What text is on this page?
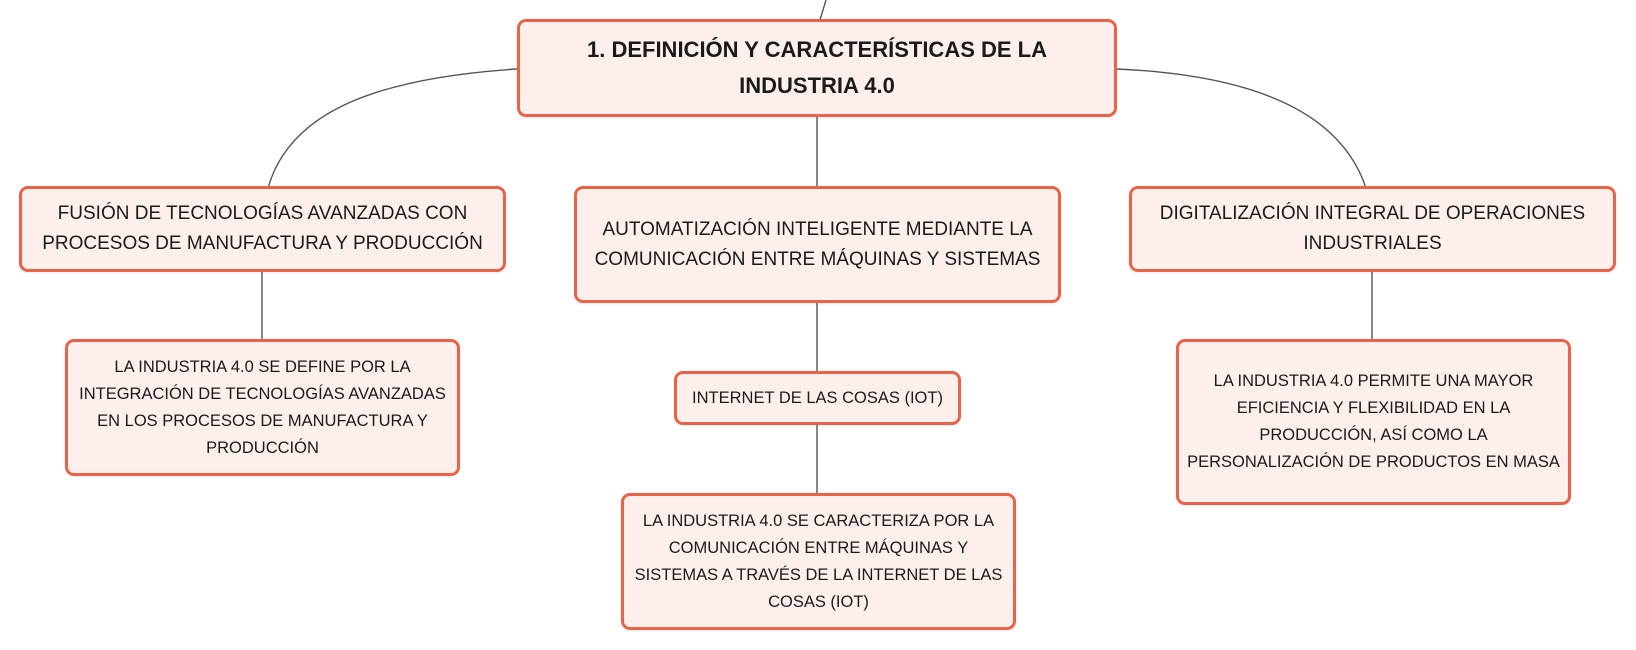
1. DEFINICIÓN Y CARACTERÍSTICAS DE LA
INDUSTRIA 4.0
FUSIÓN DE TECNOLOGÍAS AVANZADAS CON
PROCESOS DE MANUFACTURA Y PRODUCCIÓN
AUTOMATIZACIÓN INTELIGENTE MEDIANTE LA
COMUNICACIÓN ENTRE MÁQUINAS Y SISTEMAS
DIGITALIZACIÓN INTEGRAL DE OPERACIONES
INDUSTRIALES
LA INDUSTRIA 4.0 SE DEFINE POR LA
INTEGRACIÓN DE TECNOLOGÍAS AVANZADAS
EN LOS PROCESOS DE MANUFACTURA Y
PRODUCCIÓN
INTERNET DE LAS COSAS (IOT)
LA INDUSTRIA 4.0 SE CARACTERIZA POR LA
COMUNICACIÓN ENTRE MÁQUINAS Y
SISTEMAS A TRAVÉS DE LA INTERNET DE LAS
COSAS (IOT)
LA INDUSTRIA 4.0 PERMITE UNA MAYOR
EFICIENCIA Y FLEXIBILIDAD EN LA
PRODUCCIÓN, ASÍ COMO LA
PERSONALIZACIÓN DE PRODUCTOS EN MASA
